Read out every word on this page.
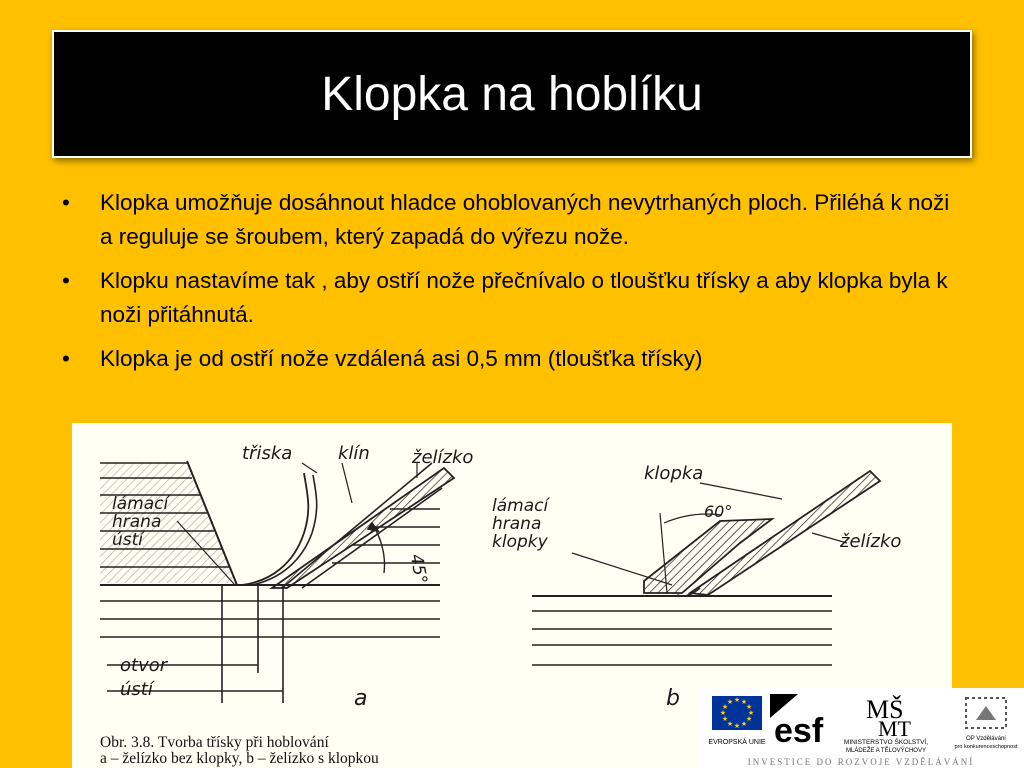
Klopka na hoblíku
•	Klopka umožňuje dosáhnout hladce ohoblovaných nevytrhaných ploch. Přiléhá k noži a reguluje se šroubem, který zapadá do výřezu nože.
•	Klopku nastavíme tak , aby ostří nože přečnívalo o tloušťku třísky a aby klopka byla k noži přitáhnutá.
•	Klopka je od ostří nože vzdálená asi 0,5 mm (tloušťka třísky)
třiska	klín želízko
lámací
hrana
ústí
45°
otvor
ústí	a
klopka
lámací
hrana
klopky
60°
želízko
b
Obr. 3.8. Tvorba třísky při hoblování
a – želízko bez klopky, b – želízko s klopkou
★ ★
★
★
★
★
★
★
★
★
★
★
EVROPSKÁ UNIE esf
MŠ
MT
MINISTERSTVO ŠKOLSTVÍ,
MLÁDEŽE A TĚLOVÝCHOVY
OP Vzdělávání
pro konkurenceschopnost
INVESTICE DO ROZVOJE VZDĚLÁVÁNÍ
